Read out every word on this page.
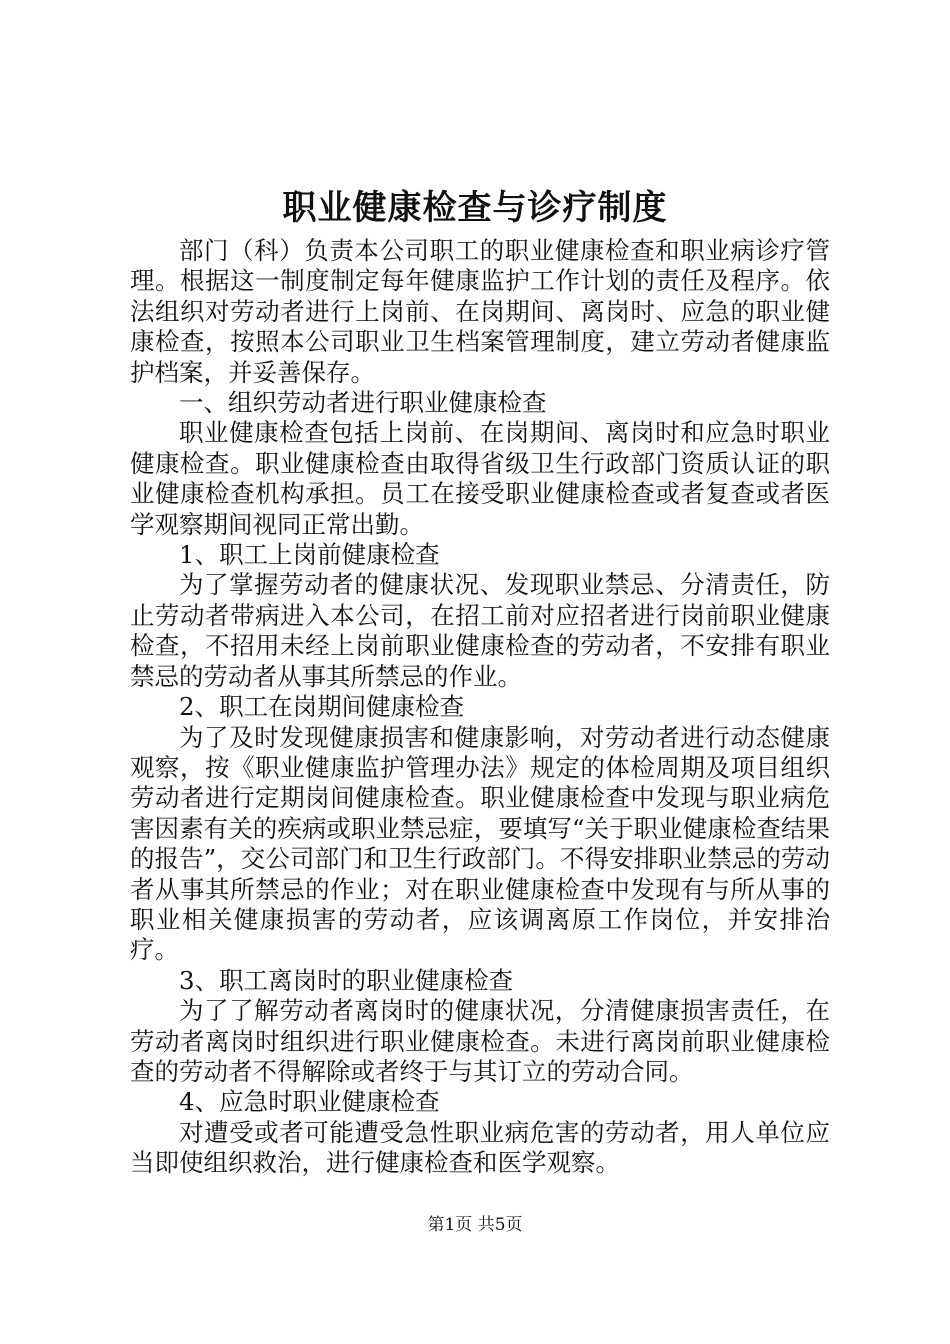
职业健康检查与诊疗制度

部门（科）负责本公司职工的职业健康检查和职业病诊疗管理。根据这一制度制定每年健康监护工作计划的责任及程序。依法组织对劳动者进行上岗前、在岗期间、离岗时、应急的职业健康检查，按照本公司职业卫生档案管理制度，建立劳动者健康监护档案，并妥善保存。

一、组织劳动者进行职业健康检查

职业健康检查包括上岗前、在岗期间、离岗时和应急时职业健康检查。职业健康检查由取得省级卫生行政部门资质认证的职业健康检查机构承担。员工在接受职业健康检查或者复查或者医学观察期间视同正常出勤。

1、职工上岗前健康检查

为了掌握劳动者的健康状况、发现职业禁忌、分清责任，防止劳动者带病进入本公司，在招工前对应招者进行岗前职业健康检查，不招用未经上岗前职业健康检查的劳动者，不安排有职业禁忌的劳动者从事其所禁忌的作业。

2、职工在岗期间健康检查

为了及时发现健康损害和健康影响，对劳动者进行动态健康观察，按《职业健康监护管理办法》规定的体检周期及项目组织劳动者进行定期岗间健康检查。职业健康检查中发现与职业病危害因素有关的疾病或职业禁忌症，要填写“关于职业健康检查结果的报告”，交公司部门和卫生行政部门。不得安排职业禁忌的劳动者从事其所禁忌的作业；对在职业健康检查中发现有与所从事的职业相关健康损害的劳动者，应该调离原工作岗位，并安排治疗。

3、职工离岗时的职业健康检查

为了了解劳动者离岗时的健康状况，分清健康损害责任，在劳动者离岗时组织进行职业健康检查。未进行离岗前职业健康检查的劳动者不得解除或者终于与其订立的劳动合同。

4、应急时职业健康检查

对遭受或者可能遭受急性职业病危害的劳动者，用人单位应当即使组织救治，进行健康检查和医学观察。

第1页 共5页
